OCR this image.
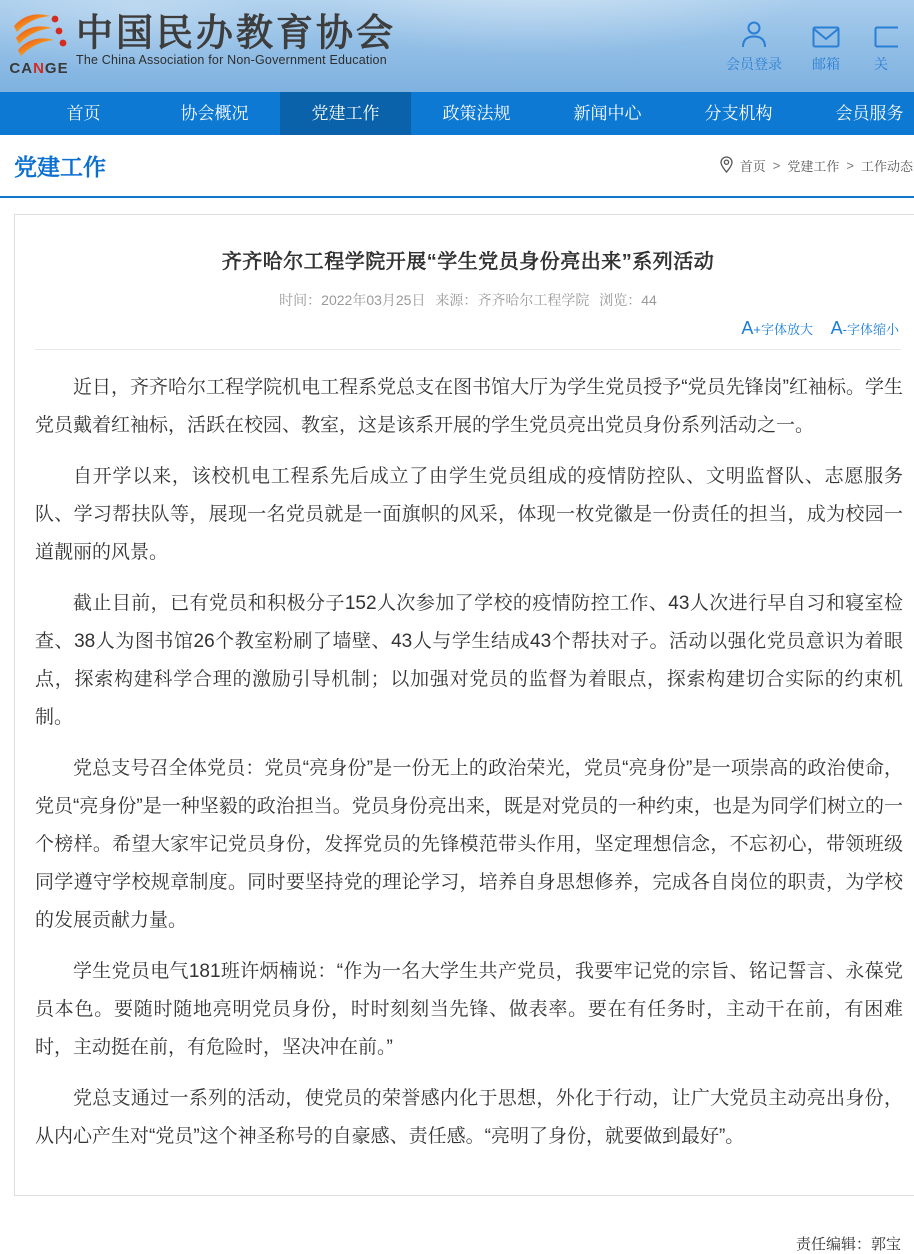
CANGE
中国民办教育协会
The China Association for Non-Government Education	会员登录 邮箱 关
首页	协会概况	党建工作	政策法规	新闻中心	分支机构	会员服务
党建工作	首页 > 党建工作 > 工作动态
齐齐哈尔工程学院开展“学生党员身份亮出来”系列活动
时间：2022年03月25日 来源：齐齐哈尔工程学院 浏览：44
A+字体放大 A-字体缩小

近日，齐齐哈尔工程学院机电工程系党总支在图书馆大厅为学生党员授予“党员先锋岗”红袖标。学生党员戴着红袖标，活跃在校园、教室，这是该系开展的学生党员亮出党员身份系列活动之一。

自开学以来，该校机电工程系先后成立了由学生党员组成的疫情防控队、文明监督队、志愿服务队、学习帮扶队等，展现一名党员就是一面旗帜的风采，体现一枚党徽是一份责任的担当，成为校园一道靓丽的风景。

截止目前，已有党员和积极分子152人次参加了学校的疫情防控工作、43人次进行早自习和寝室检查、38人为图书馆26个教室粉刷了墙壁、43人与学生结成43个帮扶对子。活动以强化党员意识为着眼点，探索构建科学合理的激励引导机制；以加强对党员的监督为着眼点，探索构建切合实际的约束机制。

党总支号召全体党员：党员“亮身份”是一份无上的政治荣光，党员“亮身份”是一项崇高的政治使命，党员“亮身份”是一种坚毅的政治担当。党员身份亮出来，既是对党员的一种约束，也是为同学们树立的一个榜样。希望大家牢记党员身份，发挥党员的先锋模范带头作用，坚定理想信念，不忘初心，带领班级同学遵守学校规章制度。同时要坚持党的理论学习，培养自身思想修养，完成各自岗位的职责，为学校的发展贡献力量。

学生党员电气181班许炳楠说：“作为一名大学生共产党员，我要牢记党的宗旨、铭记誓言、永葆党员本色。要随时随地亮明党员身份，时时刻刻当先锋、做表率。要在有任务时，主动干在前，有困难时，主动挺在前，有危险时，坚决冲在前。”

党总支通过一系列的活动，使党员的荣誉感内化于思想，外化于行动，让广大党员主动亮出身份，从内心产生对“党员”这个神圣称号的自豪感、责任感。“亮明了身份，就要做到最好”。

责任编辑：郭宝
